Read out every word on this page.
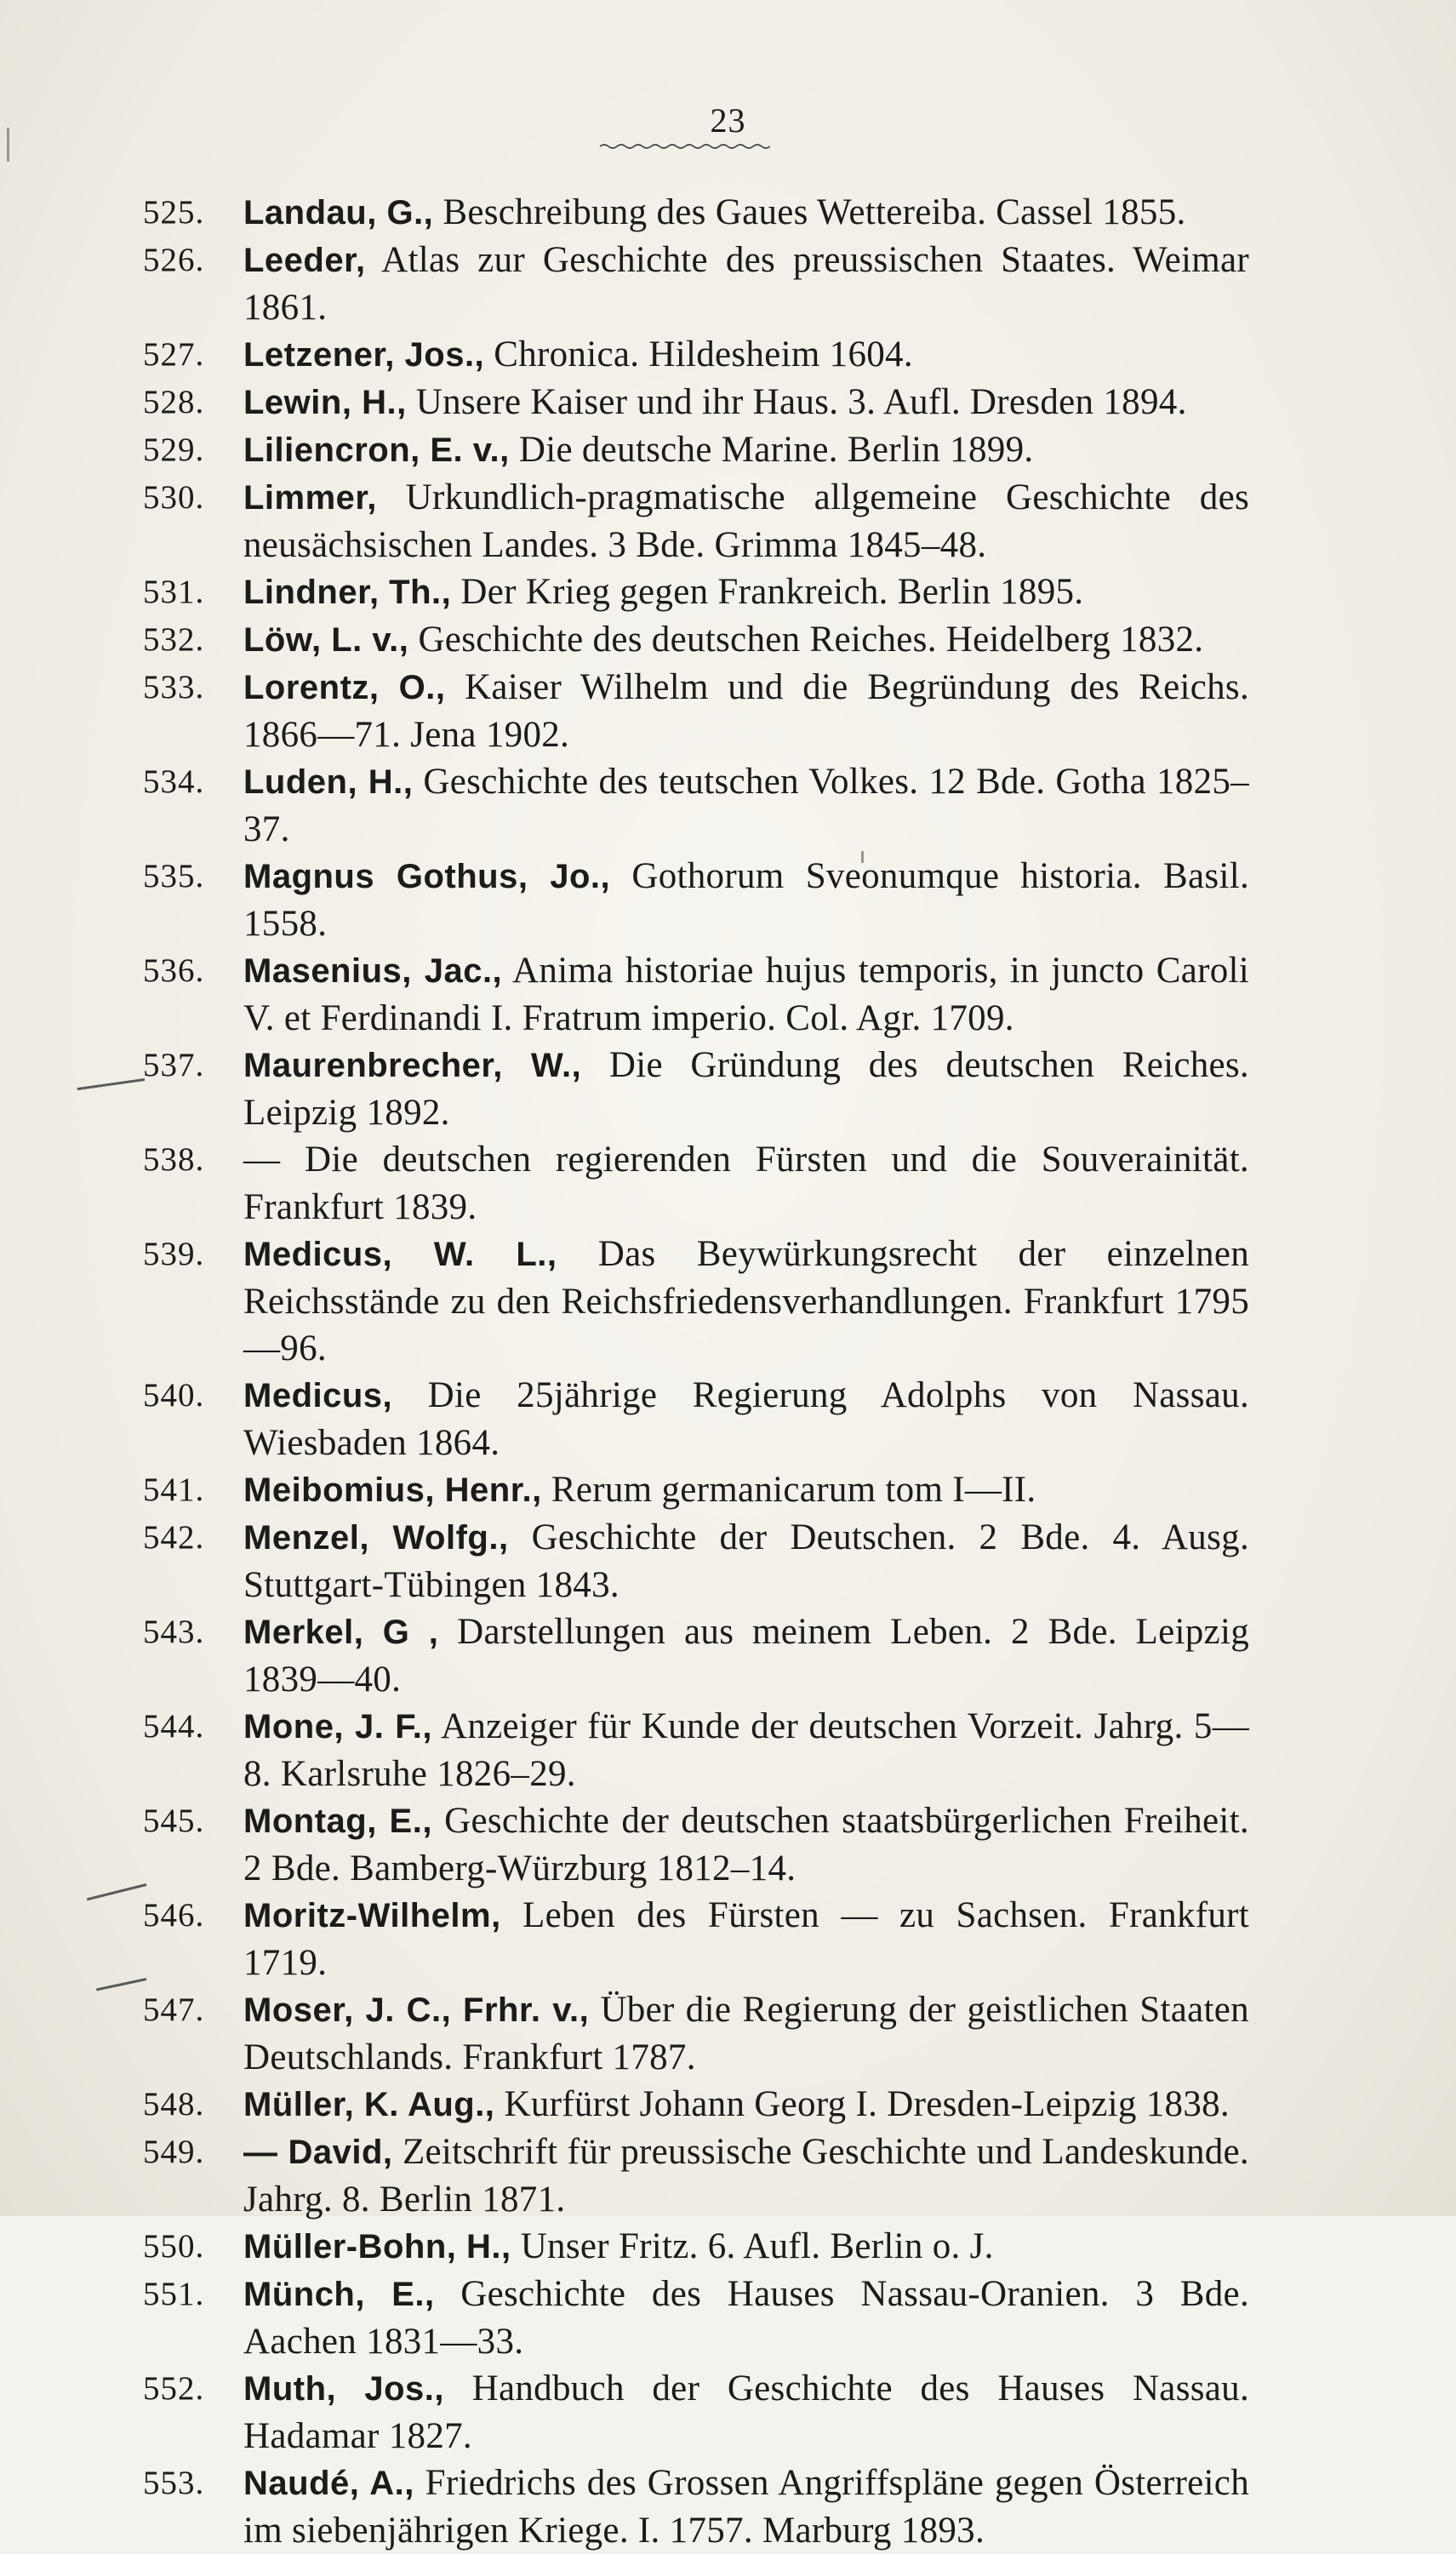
23
525.	Landau, G., Beschreibung des Gaues Wettereiba. Cassel 1855.
526.	Leeder, Atlas zur Geschichte des preussischen Staates. Weimar 1861.
527.	Letzener, Jos., Chronica. Hildesheim 1604.
528.	Lewin, H., Unsere Kaiser und ihr Haus. 3. Aufl. Dresden 1894.
529.	Liliencron, E. v., Die deutsche Marine. Berlin 1899.
530.	Limmer, Urkundlich-pragmatische allgemeine Geschichte des neusächsischen Landes. 3 Bde. Grimma 1845–48.
531.	Lindner, Th., Der Krieg gegen Frankreich. Berlin 1895.
532.	Löw, L. v., Geschichte des deutschen Reiches. Heidelberg 1832.
533.	Lorentz, O., Kaiser Wilhelm und die Begründung des Reichs. 1866—71. Jena 1902.
534.	Luden, H., Geschichte des teutschen Volkes. 12 Bde. Gotha 1825–37.
535.	Magnus Gothus, Jo., Gothorum Sveonumque historia. Basil. 1558.
536.	Masenius, Jac., Anima historiae hujus temporis, in juncto Caroli V. et Ferdinandi I. Fratrum imperio. Col. Agr. 1709.
537.	Maurenbrecher, W., Die Gründung des deutschen Reiches. Leipzig 1892.
538.	— Die deutschen regierenden Fürsten und die Souverainität. Frankfurt 1839.
539.	Medicus, W. L., Das Beywürkungsrecht der einzelnen Reichsstände zu den Reichsfriedensverhandlungen. Frankfurt 1795—96.
540.	Medicus, Die 25jährige Regierung Adolphs von Nassau. Wiesbaden 1864.
541.	Meibomius, Henr., Rerum germanicarum tom I—II.
542.	Menzel, Wolfg., Geschichte der Deutschen. 2 Bde. 4. Ausg. Stuttgart-Tübingen 1843.
543.	Merkel, G , Darstellungen aus meinem Leben. 2 Bde. Leipzig 1839—40.
544.	Mone, J. F., Anzeiger für Kunde der deutschen Vorzeit. Jahrg. 5—8. Karlsruhe 1826–29.
545.	Montag, E., Geschichte der deutschen staatsbürgerlichen Freiheit. 2 Bde. Bamberg-Würzburg 1812–14.
546.	Moritz-Wilhelm, Leben des Fürsten — zu Sachsen. Frankfurt 1719.
547.	Moser, J. C., Frhr. v., Über die Regierung der geistlichen Staaten Deutschlands. Frankfurt 1787.
548.	Müller, K. Aug., Kurfürst Johann Georg I. Dresden-Leipzig 1838.
549.	— David, Zeitschrift für preussische Geschichte und Landeskunde. Jahrg. 8. Berlin 1871.
550.	Müller-Bohn, H., Unser Fritz. 6. Aufl. Berlin o. J.
551.	Münch, E., Geschichte des Hauses Nassau-Oranien. 3 Bde. Aachen 1831—33.
552.	Muth, Jos., Handbuch der Geschichte des Hauses Nassau. Hadamar 1827.
553.	Naudé, A., Friedrichs des Grossen Angriffspläne gegen Österreich im siebenjährigen Kriege. I. 1757. Marburg 1893.
